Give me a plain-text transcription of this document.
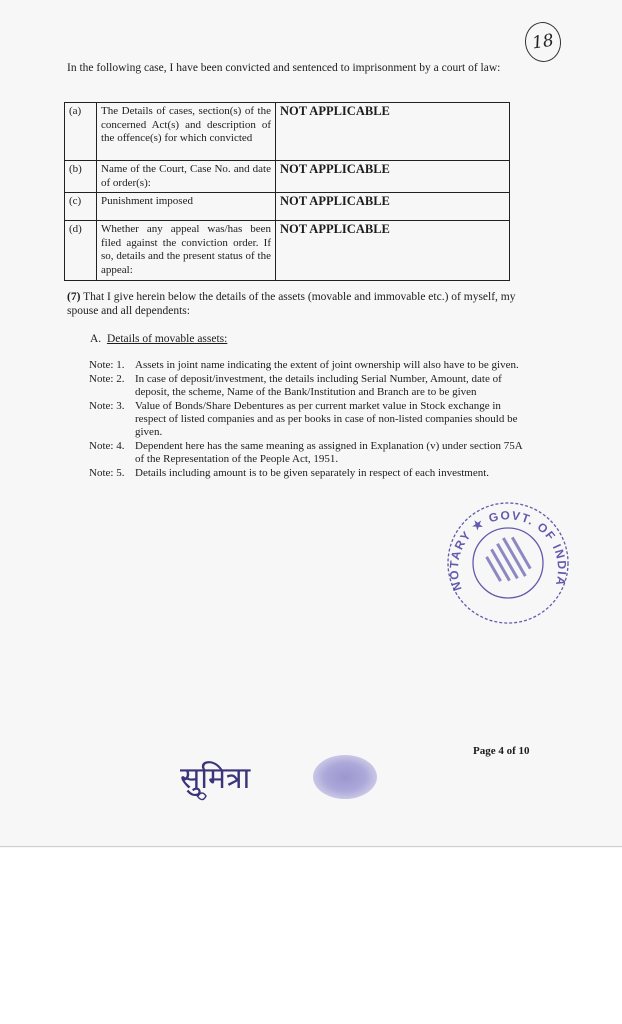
18
In the following case, I have been convicted and sentenced to imprisonment by a court of law:
(a)	The Details of cases, section(s) of the concerned Act(s) and description of the offence(s) for which convicted	NOT APPLICABLE
(b)	Name of the Court, Case No. and date of order(s):	NOT APPLICABLE
(c)	Punishment imposed	NOT APPLICABLE
(d)	Whether any appeal was/has been filed against the conviction order. If so, details and the present status of the appeal:	NOT APPLICABLE
(7) That I give herein below the details of the assets (movable and immovable etc.) of myself, my spouse and all dependents:
A. Details of movable assets:
Note: 1. Assets in joint name indicating the extent of joint ownership will also have to be given.
Note: 2. In case of deposit/investment, the details including Serial Number, Amount, date of deposit, the scheme, Name of the Bank/Institution and Branch are to be given
Note: 3. Value of Bonds/Share Debentures as per current market value in Stock exchange in respect of listed companies and as per books in case of non-listed companies should be given.
Note: 4. Dependent here has the same meaning as assigned in Explanation (v) under section 75A of the Representation of the People Act, 1951.
Note: 5. Details including amount is to be given separately in respect of each investment.
NOTARY ★ GOVT. OF INDIA
Page 4 of 10
सुमित्रा
